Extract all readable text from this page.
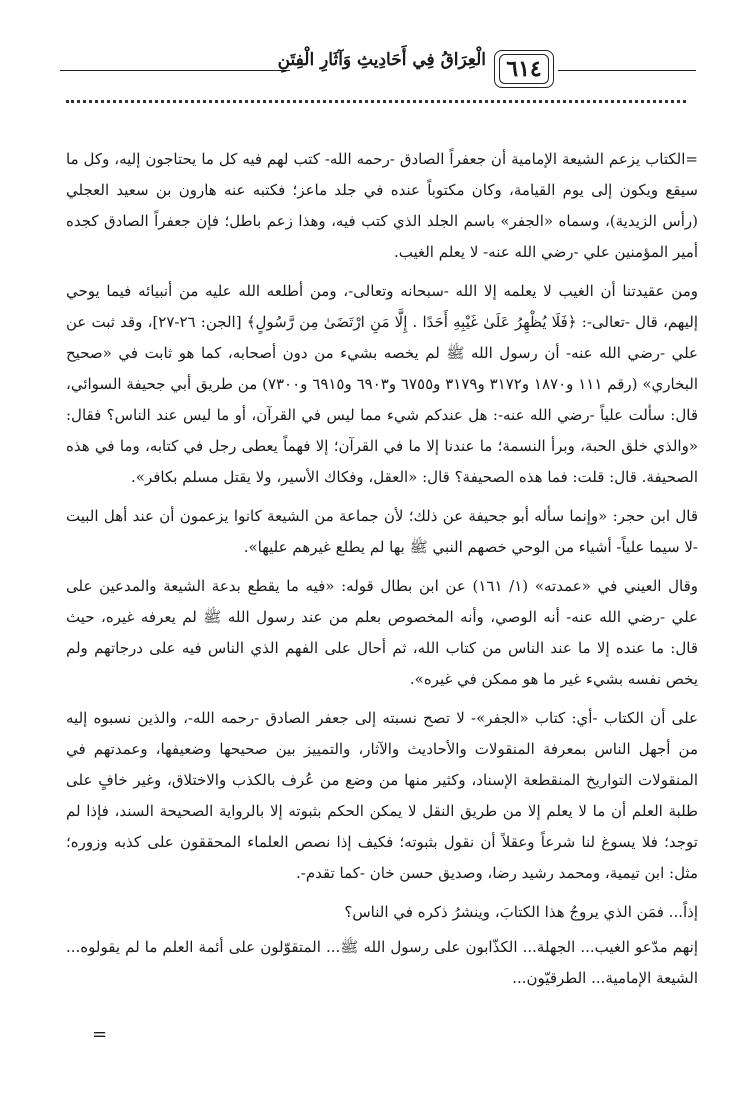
الْعِرَاقُ فِي أَحَادِيثِ وَآثَارِ الْفِتَنِ ٦١٤

=الكتاب يزعم الشيعة الإمامية أن جعفراً الصادق -رحمه الله- كتب لهم فيه كل ما يحتاجون إليه، وكل ما سيقع ويكون إلى يوم القيامة، وكان مكتوباً عنده في جلد ماعز؛ فكتبه عنه هارون بن سعيد العجلي (رأس الزيدية)، وسماه «الجفر» باسم الجلد الذي كتب فيه، وهذا زعم باطل؛ فإن جعفراً الصادق كجده أمير المؤمنين علي -رضي الله عنه- لا يعلم الغيب.

ومن عقيدتنا أن الغيب لا يعلمه إلا الله -سبحانه وتعالى-، ومن أطلعه الله عليه من أنبيائه فيما يوحي إليهم، قال -تعالى-: ﴿فَلَا يُظْهِرُ عَلَىٰ غَيْبِهِ أَحَدًا . إِلَّا مَنِ ارْتَضَىٰ مِن رَّسُولٍ﴾ [الجن: ٢٦-٢٧]، وقد ثبت عن علي -رضي الله عنه- أن رسول الله ﷺ لم يخصه بشيء من دون أصحابه، كما هو ثابت في «صحيح البخاري» (رقم ١١١ و١٨٧٠ و٣١٧٢ و٣١٧٩ و٦٧٥٥ و٦٩٠٣ و٦٩١٥ و٧٣٠٠) من طريق أبي جحيفة السوائي، قال: سألت علياً -رضي الله عنه-: هل عندكم شيء مما ليس في القرآن، أو ما ليس عند الناس؟ فقال: «والذي خلق الحبة، وبرأ النسمة؛ ما عندنا إلا ما في القرآن؛ إلا فهماً يعطى رجل في كتابه، وما في هذه الصحيفة. قال: قلت: فما هذه الصحيفة؟ قال: «العقل، وفكاك الأسير، ولا يقتل مسلم بكافر».

قال ابن حجر: «وإنما سأله أبو جحيفة عن ذلك؛ لأن جماعة من الشيعة كانوا يزعمون أن عند أهل البيت -لا سيما علياً- أشياء من الوحي خصهم النبي ﷺ بها لم يطلع غيرهم عليها».

وقال العيني في «عمدته» (١/ ١٦١) عن ابن بطال قوله: «فيه ما يقطع بدعة الشيعة والمدعين على علي -رضي الله عنه- أنه الوصي، وأنه المخصوص بعلم من عند رسول الله ﷺ لم يعرفه غيره، حيث قال: ما عنده إلا ما عند الناس من كتاب الله، ثم أحال على الفهم الذي الناس فيه على درجاتهم ولم يخص نفسه بشيء غير ما هو ممكن في غيره».

على أن الكتاب -أي: كتاب «الجفر»- لا تصح نسبته إلى جعفر الصادق -رحمه الله-، والذين نسبوه إليه من أجهل الناس بمعرفة المنقولات والأحاديث والآثار، والتمييز بين صحيحها وضعيفها، وعمدتهم في المنقولات التواريخ المنقطعة الإسناد، وكثير منها من وضع من عُرف بالكذب والاختلاق، وغير خافٍ على طلبة العلم أن ما لا يعلم إلا من طريق النقل لا يمكن الحكم بثبوته إلا بالرواية الصحيحة السند، فإذا لم توجد؛ فلا يسوغ لنا شرعاً وعقلاً أن نقول بثبوته؛ فكيف إذا نصص العلماء المحققون على كذبه وزوره؛ مثل: ابن تيمية، ومحمد رشيد رضا، وصديق حسن خان -كما تقدم-.

إذاً... فمَن الذي يروجُ هذا الكتابَ، وينشرُ ذكره في الناس؟

إنهم مدّعو الغيب... الجهلة... الكذّابون على رسول الله ﷺ... المتقوّلون على أئمة العلم ما لم يقولوه... الشيعة الإمامية... الطرقيّون...

=
